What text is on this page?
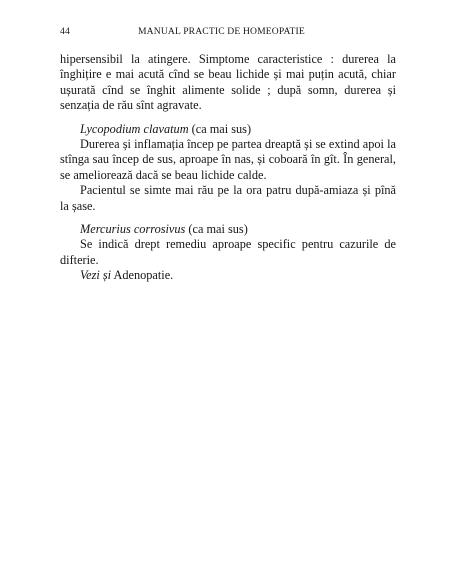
44	MANUAL PRACTIC DE HOMEOPATIE

hipersensibil la atingere. Simptome caracteristice : durerea la înghițire e mai acută cînd se beau lichide și mai puțin acută, chiar ușurată cînd se înghit alimente solide ; după somn, durerea și senzația de rău sînt agravate.

Lycopodium clavatum (ca mai sus)

Durerea și inflamația încep pe partea dreaptă și se extind apoi la stînga sau încep de sus, aproape în nas, și coboară în gît. În general, se ameliorează dacă se beau lichide calde.

Pacientul se simte mai rău pe la ora patru după-amiaza și pînă la șase.

Mercurius corrosivus (ca mai sus)

Se indică drept remediu aproape specific pentru cazurile de difterie.

Vezi și Adenopatie.
